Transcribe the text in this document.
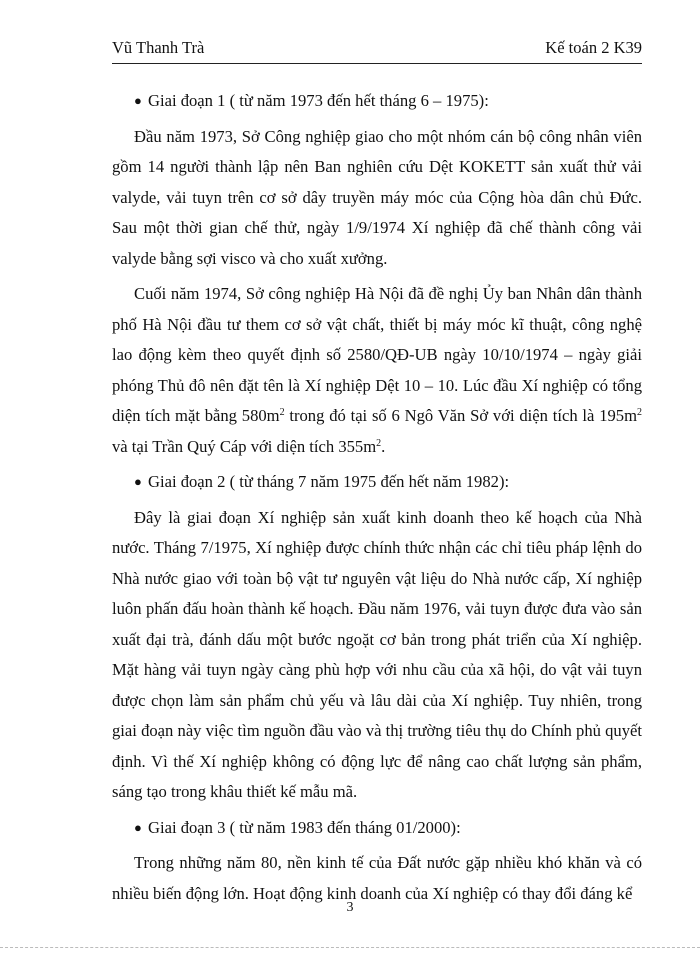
Vũ Thanh Trà	Kế toán 2 K39
● Giai đoạn 1 ( từ năm 1973 đến hết tháng 6 – 1975):

Đầu năm 1973, Sở Công nghiệp giao cho một nhóm cán bộ công nhân viên gồm 14 người thành lập nên Ban nghiên cứu Dệt KOKETT sản xuất thử vải valyde, vải tuyn trên cơ sở dây truyền máy móc của Cộng hòa dân chủ Đức. Sau một thời gian chế thử, ngày 1/9/1974 Xí nghiệp đã chế thành công vải valyde bằng sợi visco và cho xuất xưởng.

Cuối năm 1974, Sở công nghiệp Hà Nội đã đề nghị Ủy ban Nhân dân thành phố Hà Nội đầu tư them cơ sở vật chất, thiết bị máy móc kĩ thuật, công nghệ lao động kèm theo quyết định số 2580/QĐ-UB ngày 10/10/1974 – ngày giải phóng Thủ đô nên đặt tên là Xí nghiệp Dệt 10 – 10. Lúc đầu Xí nghiệp có tổng diện tích mặt bằng $580m^2$ trong đó tại số 6 Ngô Văn Sở với diện tích là $195m^2$ và tại Trần Quý Cáp với diện tích $355m^2$.

● Giai đoạn 2 ( từ tháng 7 năm 1975 đến hết năm 1982):

Đây là giai đoạn Xí nghiệp sản xuất kinh doanh theo kế hoạch của Nhà nước. Tháng 7/1975, Xí nghiệp được chính thức nhận các chỉ tiêu pháp lệnh do Nhà nước giao với toàn bộ vật tư nguyên vật liệu do Nhà nước cấp, Xí nghiệp luôn phấn đấu hoàn thành kế hoạch. Đầu năm 1976, vải tuyn được đưa vào sản xuất đại trà, đánh dấu một bước ngoặt cơ bản trong phát triển của Xí nghiệp. Mặt hàng vải tuyn ngày càng phù hợp với nhu cầu của xã hội, do vật vải tuyn được chọn làm sản phẩm chủ yếu và lâu dài của Xí nghiệp. Tuy nhiên, trong giai đoạn này việc tìm nguồn đầu vào và thị trường tiêu thụ do Chính phủ quyết định. Vì thế Xí nghiệp không có động lực để nâng cao chất lượng sản phẩm, sáng tạo trong khâu thiết kế mẫu mã.

● Giai đoạn 3 ( từ năm 1983 đến tháng 01/2000):

Trong những năm 80, nền kinh tế của Đất nước gặp nhiều khó khăn và có nhiều biến động lớn. Hoạt động kinh doanh của Xí nghiệp có thay đổi đáng kể

3
